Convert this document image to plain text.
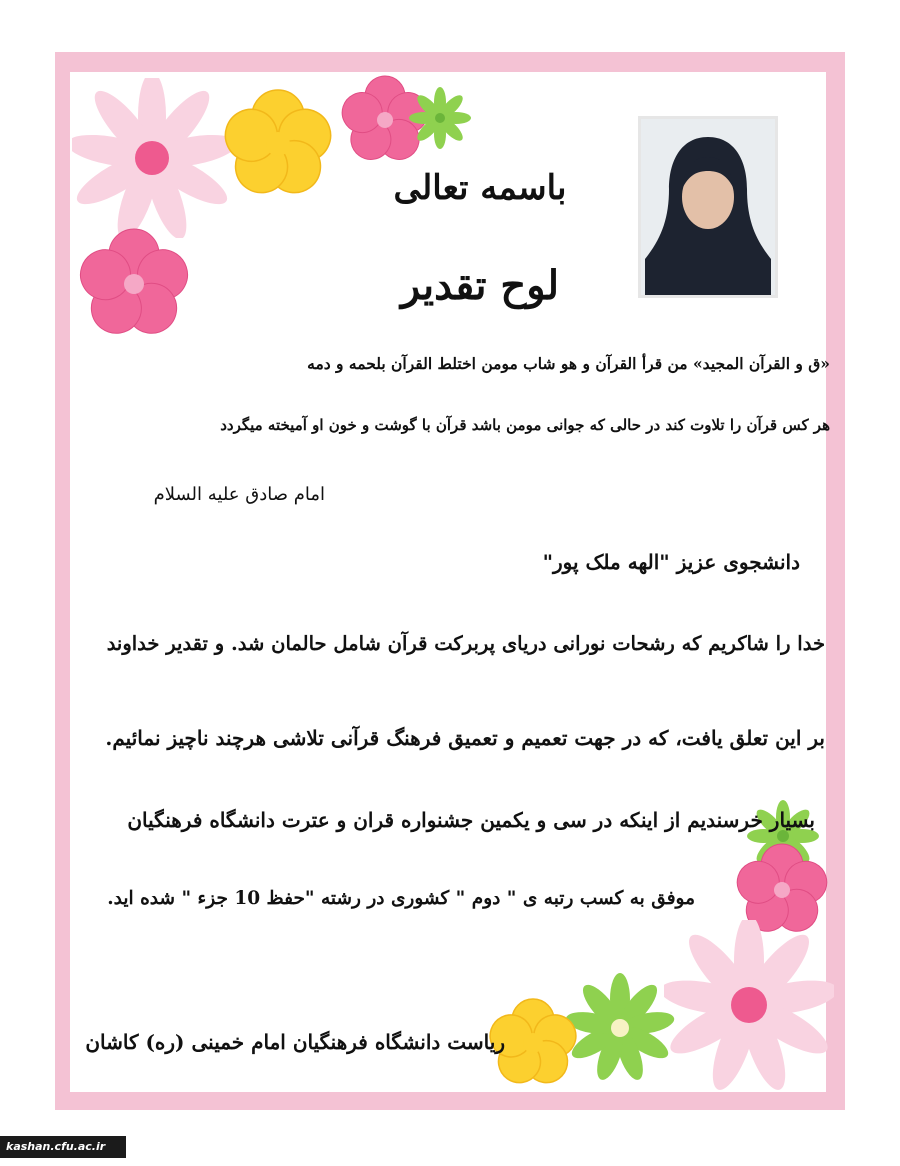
باسمه تعالی
لوح تقدیر
«ق و القرآن المجید» من قرأ القرآن و هو شاب مومن اختلط القرآن بلحمه و دمه
هر کس قرآن را تلاوت کند در حالی که جوانی مومن باشد قرآن با گوشت و خون او آمیخته میگردد
امام صادق علیه السلام
دانشجوی عزیز "الهه ملک پور"
خدا را شاکریم که رشحات نورانی دریای پربرکت قرآن شامل حالمان شد. و تقدیر خداوند
بر این تعلق یافت، که در جهت تعمیم و تعمیق فرهنگ قرآنی تلاشی هرچند ناچیز نمائیم.
بسیار خرسندیم از اینکه در سی و یکمین جشنواره قران و عترت دانشگاه فرهنگیان
موفق به کسب رتبه ی " دوم " کشوری در رشته "حفظ 10 جزء " شده اید.
ریاست دانشگاه فرهنگیان امام خمینی (ره) کاشان
kashan.cfu.ac.ir
